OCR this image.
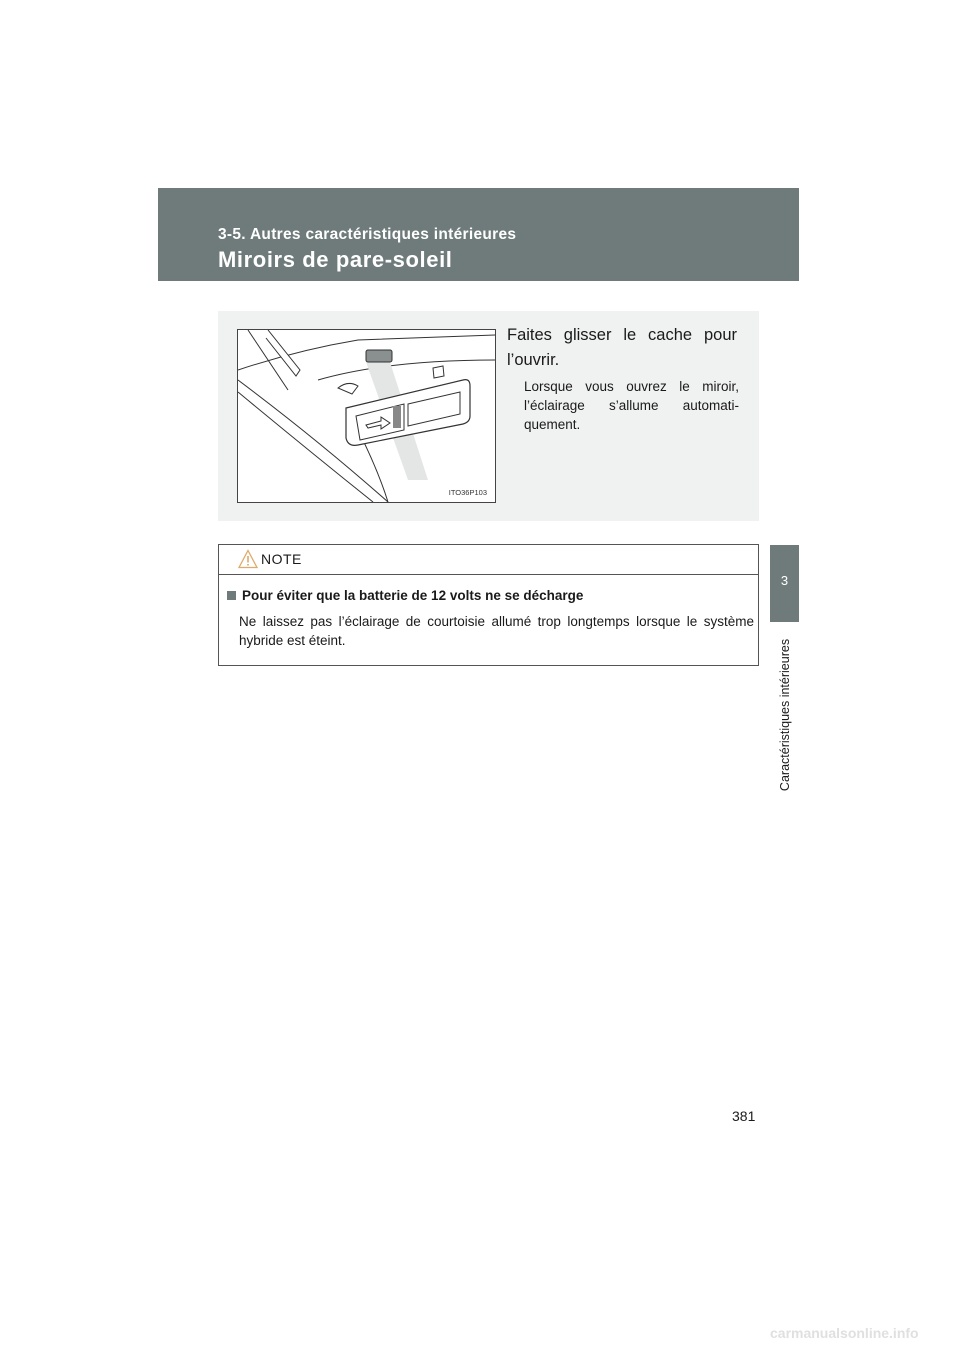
3-5. Autres caractéristiques intérieures
Miroirs de pare-soleil
3
Caractéristiques intérieures
ITO36P103
Faites glisser le cache pour l’ouvrir.
Lorsque vous ouvrez le miroir, l’éclairage s’allume automati-quement.
NOTE
Pour éviter que la batterie de 12 volts ne se décharge
Ne laissez pas l’éclairage de courtoisie allumé trop longtemps lorsque le système hybride est éteint.
381
carmanualsonline.info
